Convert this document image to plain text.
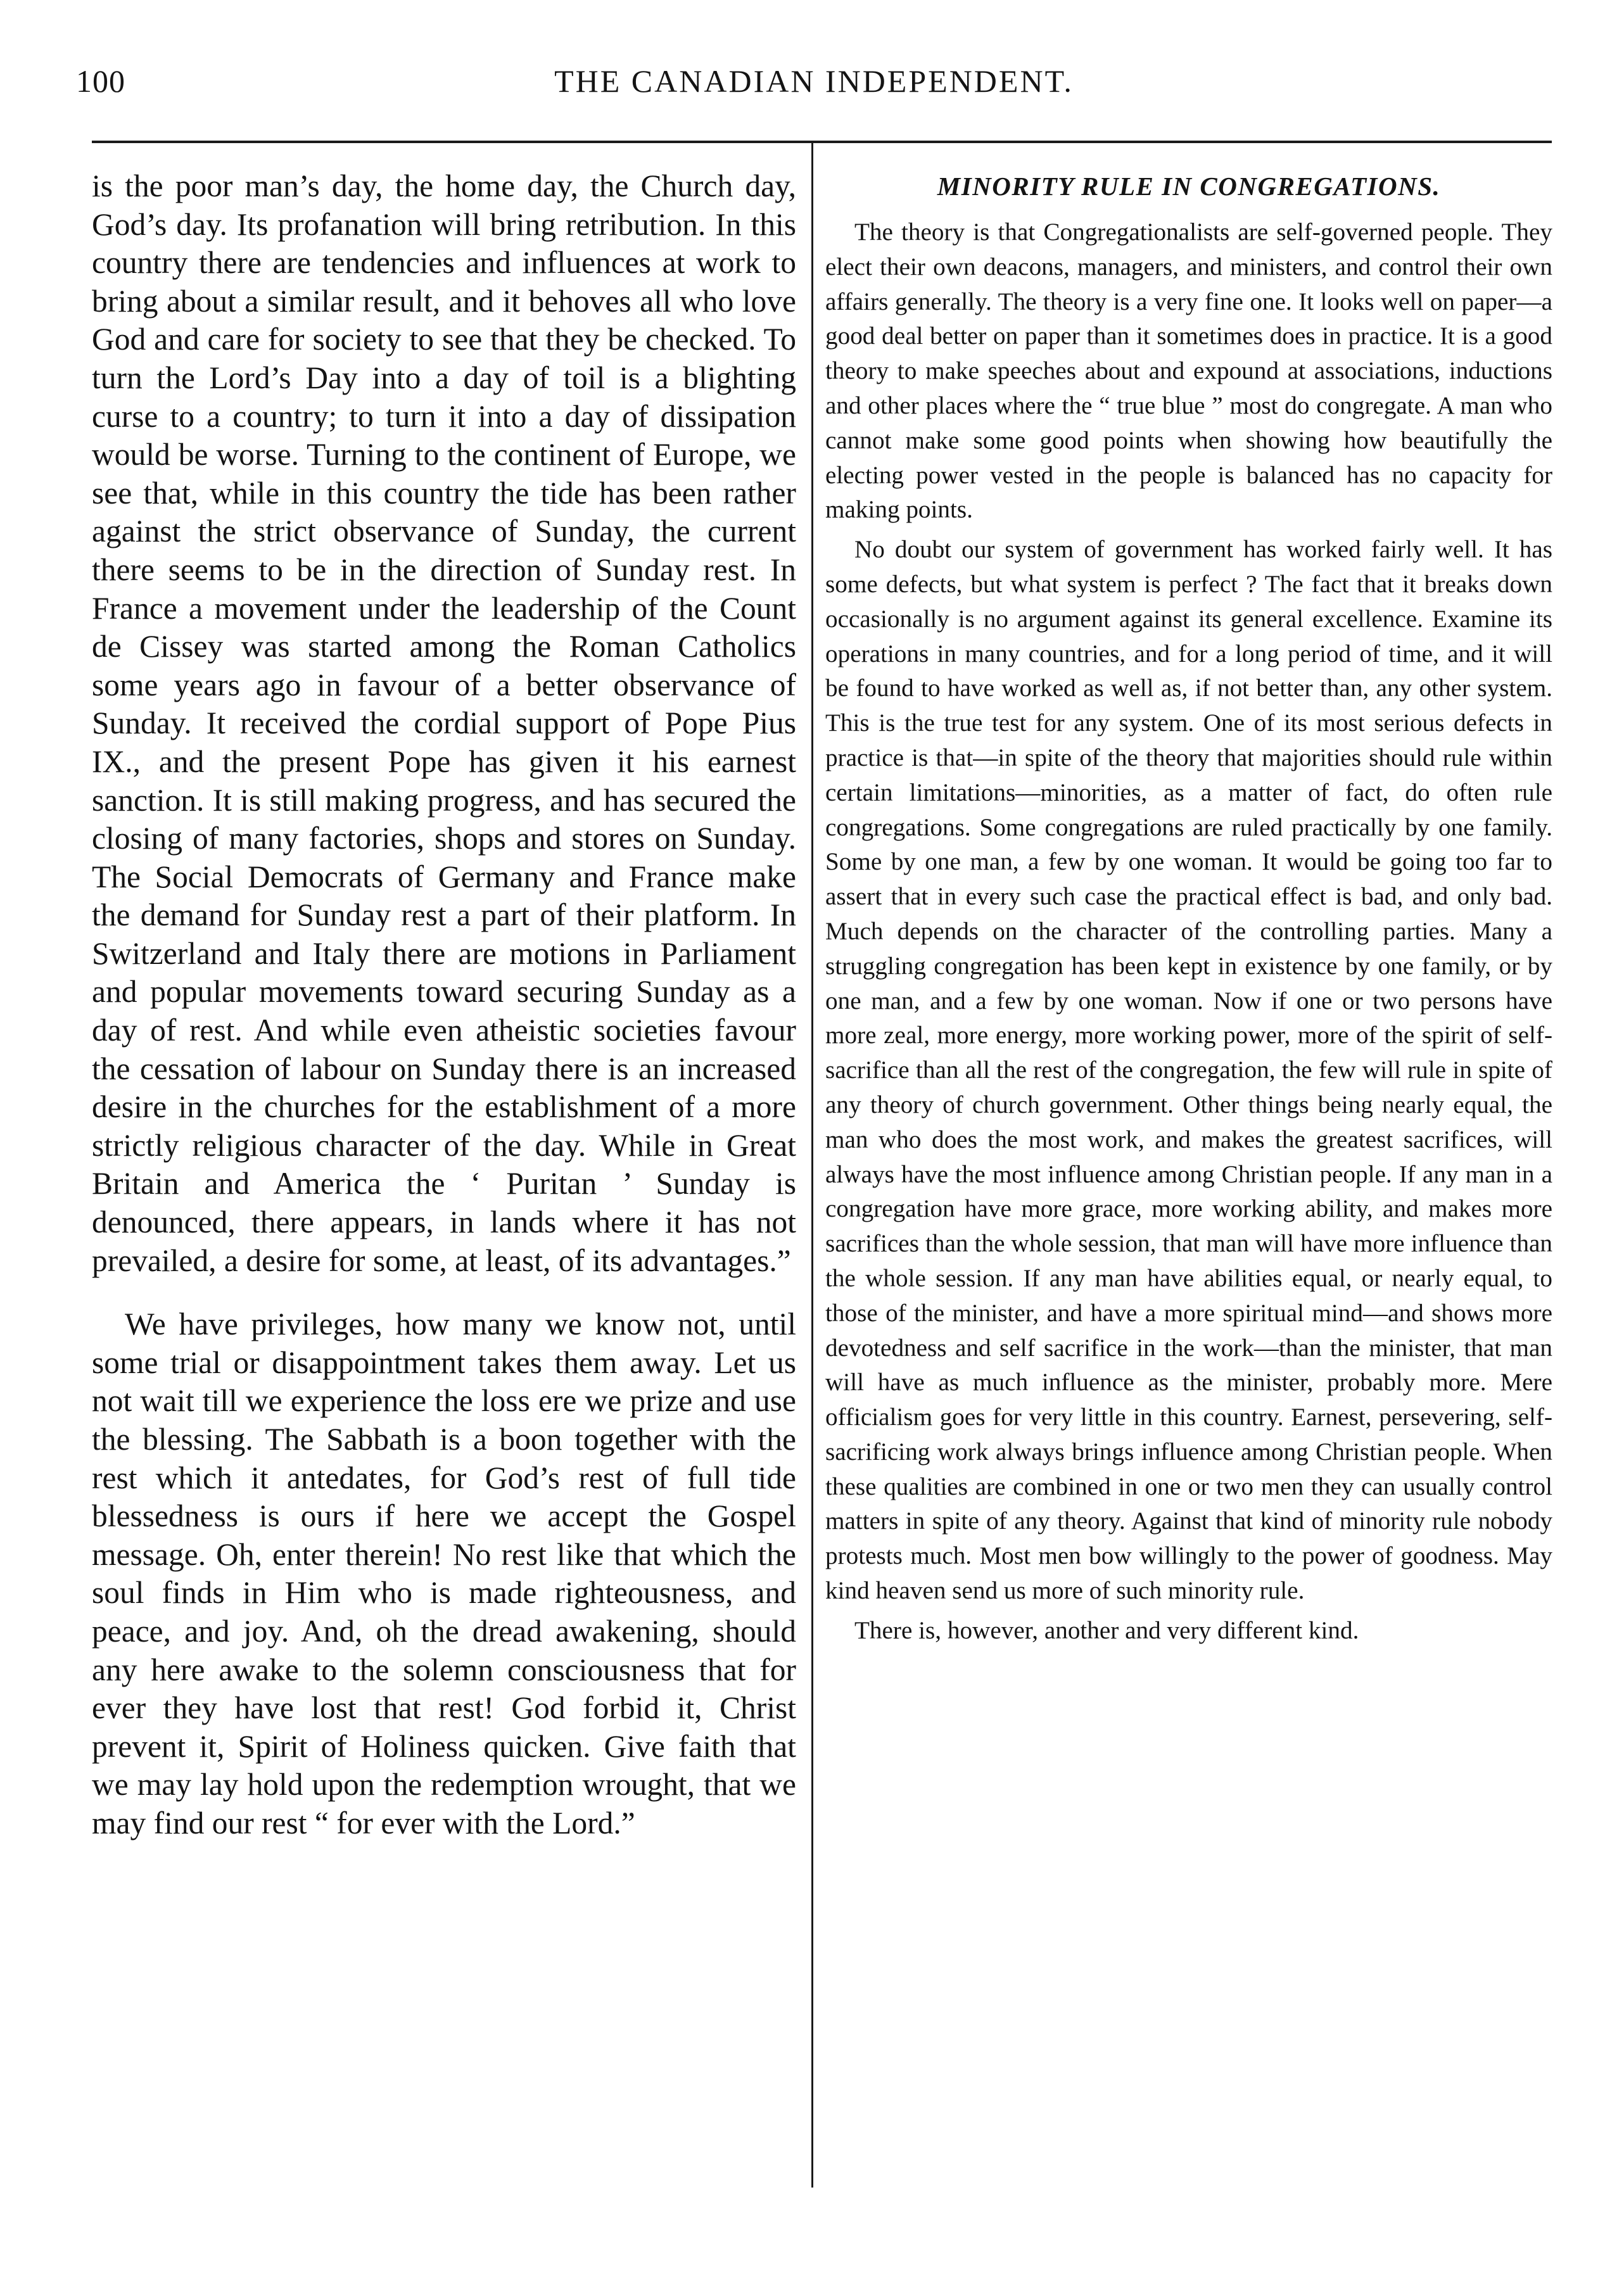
100	THE CANADIAN INDEPENDENT.

is the poor man’s day, the home day, the Church day, God’s day. Its profanation will bring retribution. In this country there are tendencies and influences at work to bring about a similar result, and it behoves all who love God and care for society to see that they be checked. To turn the Lord’s Day into a day of toil is a blighting curse to a country; to turn it into a day of dissipation would be worse. Turning to the continent of Europe, we see that, while in this country the tide has been rather against the strict observance of Sunday, the current there seems to be in the direction of Sunday rest. In France a movement under the leadership of the Count de Cissey was started among the Roman Catholics some years ago in favour of a better observance of Sunday. It received the cordial support of Pope Pius IX., and the present Pope has given it his earnest sanction. It is still making progress, and has secured the closing of many factories, shops and stores on Sunday. The Social Democrats of Germany and France make the demand for Sunday rest a part of their platform. In Switzerland and Italy there are motions in Parliament and popular movements toward securing Sunday as a day of rest. And while even atheistic societies favour the cessation of labour on Sunday there is an increased desire in the churches for the establishment of a more strictly religious character of the day. While in Great Britain and America the ‘ Puritan ’ Sunday is denounced, there appears, in lands where it has not prevailed, a desire for some, at least, of its advantages.”

We have privileges, how many we know not, until some trial or disappointment takes them away. Let us not wait till we experience the loss ere we prize and use the blessing. The Sabbath is a boon together with the rest which it antedates, for God’s rest of full tide blessedness is ours if here we accept the Gospel message. Oh, enter therein! No rest like that which the soul finds in Him who is made righteousness, and peace, and joy. And, oh the dread awakening, should any here awake to the solemn consciousness that for ever they have lost that rest! God forbid it, Christ prevent it, Spirit of Holiness quicken. Give faith that we may lay hold upon the redemption wrought, that we may find our rest “ for ever with the Lord.”

MINORITY RULE IN CONGREGATIONS.

The theory is that Congregationalists are self-governed people. They elect their own deacons, managers, and ministers, and control their own affairs generally. The theory is a very fine one. It looks well on paper—a good deal better on paper than it sometimes does in practice. It is a good theory to make speeches about and expound at associations, inductions and other places where the “ true blue ” most do congregate. A man who cannot make some good points when showing how beautifully the electing power vested in the people is balanced has no capacity for making points.

No doubt our system of government has worked fairly well. It has some defects, but what system is perfect ? The fact that it breaks down occasionally is no argument against its general excellence. Examine its operations in many countries, and for a long period of time, and it will be found to have worked as well as, if not better than, any other system. This is the true test for any system. One of its most serious defects in practice is that—in spite of the theory that majorities should rule within certain limitations—minorities, as a matter of fact, do often rule congregations. Some congregations are ruled practically by one family. Some by one man, a few by one woman. It would be going too far to assert that in every such case the practical effect is bad, and only bad. Much depends on the character of the controlling parties. Many a struggling congregation has been kept in existence by one family, or by one man, and a few by one woman. Now if one or two persons have more zeal, more energy, more working power, more of the spirit of self-sacrifice than all the rest of the congregation, the few will rule in spite of any theory of church government. Other things being nearly equal, the man who does the most work, and makes the greatest sacrifices, will always have the most influence among Christian people. If any man in a congregation have more grace, more working ability, and makes more sacrifices than the whole session, that man will have more influence than the whole session. If any man have abilities equal, or nearly equal, to those of the minister, and have a more spiritual mind—and shows more devotedness and self sacrifice in the work—than the minister, that man will have as much influence as the minister, probably more. Mere officialism goes for very little in this country. Earnest, persevering, self-sacrificing work always brings influence among Christian people. When these qualities are combined in one or two men they can usually control matters in spite of any theory. Against that kind of minority rule nobody protests much. Most men bow willingly to the power of goodness. May kind heaven send us more of such minority rule.

There is, however, another and very different kind.
